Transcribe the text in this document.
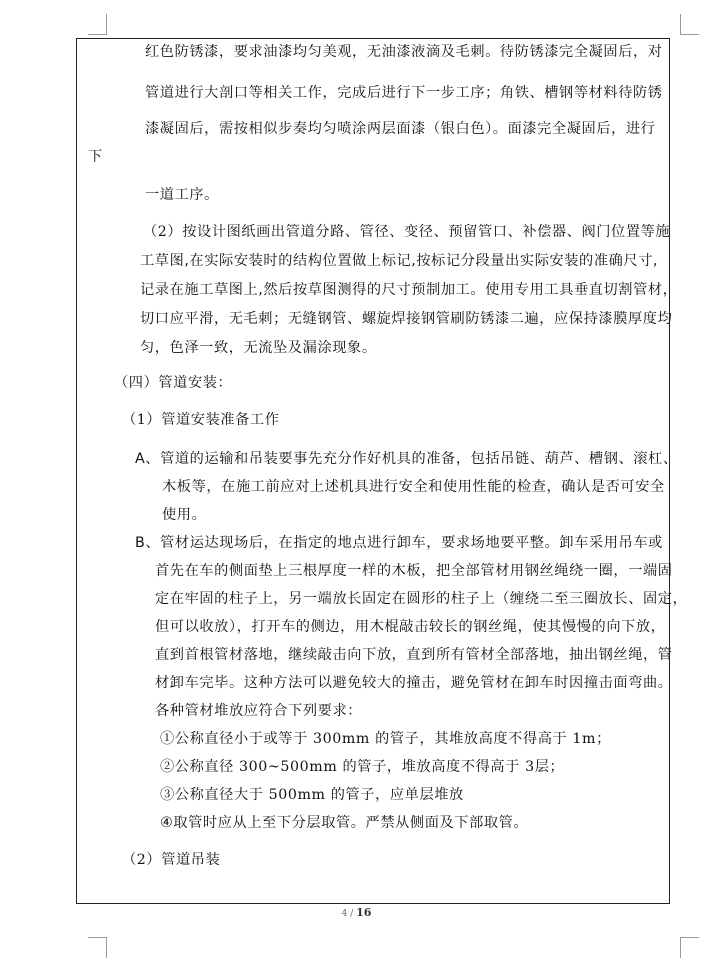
红色防锈漆，要求油漆均匀美观，无油漆液滴及毛刺。待防锈漆完全凝固后，对
管道进行大剖口等相关工作，完成后进行下一步工序；角铁、槽钢等材料待防锈
漆凝固后，需按相似步奏均匀喷涂两层面漆（银白色）。面漆完全凝固后，进行
下
一道工序。
（2）按设计图纸画出管道分路、管径、变径、预留管口、补偿器、阀门位置等施
工草图,在实际安装时的结构位置做上标记,按标记分段量出实际安装的准确尺寸,
记录在施工草图上,然后按草图测得的尺寸预制加工。使用专用工具垂直切割管材，
切口应平滑，无毛刺；无缝钢管、螺旋焊接钢管刷防锈漆二遍，应保持漆膜厚度均
匀，色泽一致，无流坠及漏涂现象。
（四）管道安装：
（1）管道安装准备工作
A、管道的运输和吊装要事先充分作好机具的准备，包括吊链、葫芦、槽钢、滚杠、
木板等，在施工前应对上述机具进行安全和使用性能的检查，确认是否可安全
使用。
B、管材运达现场后，在指定的地点进行卸车，要求场地要平整。卸车采用吊车或
首先在车的侧面垫上三根厚度一样的木板，把全部管材用钢丝绳绕一圈，一端固
定在牢固的柱子上，另一端放长固定在圆形的柱子上（缠绕二至三圈放长、固定，
但可以收放），打开车的侧边，用木棍敲击较长的钢丝绳，使其慢慢的向下放，
直到首根管材落地，继续敲击向下放，直到所有管材全部落地，抽出钢丝绳，管
材卸车完毕。这种方法可以避免较大的撞击，避免管材在卸车时因撞击面弯曲。
各种管材堆放应符合下列要求：
①公称直径小于或等于 300mm 的管子，其堆放高度不得高于 1m；
②公称直径 300~500mm 的管子，堆放高度不得高于 3层；
③公称直径大于 500mm 的管子，应单层堆放
④取管时应从上至下分层取管。严禁从侧面及下部取管。
（2）管道吊装
4 / 16
